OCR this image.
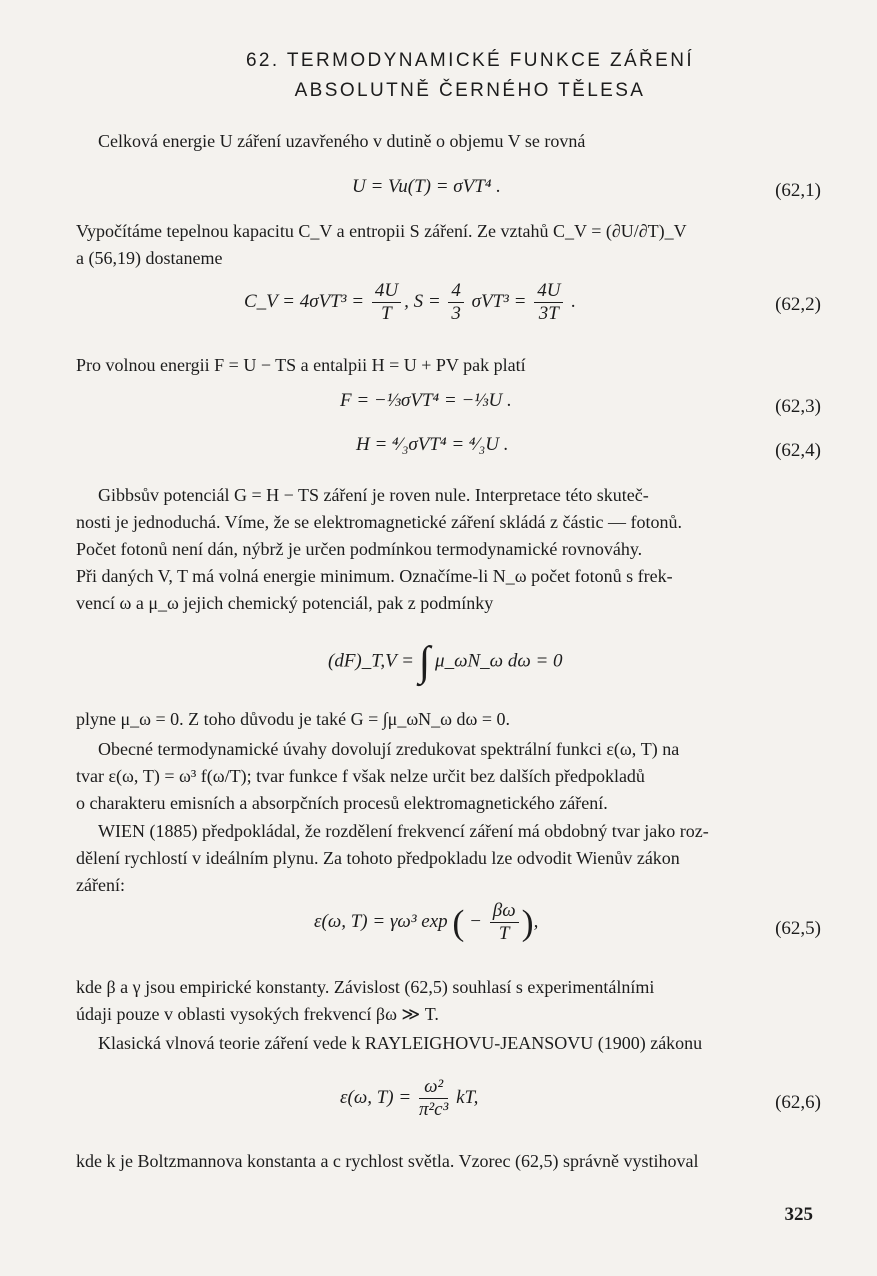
62. TERMODYNAMICKÉ FUNKCE ZÁŘENÍ
ABSOLUTNĚ ČERNÉHO TĚLESA
Celková energie U záření uzavřeného v dutině o objemu V se rovná
U = Vu(T) = σVT⁴ .	(62,1)
Vypočítáme tepelnou kapacitu C_V a entropii S záření. Ze vztahů C_V = (∂U/∂T)_V
a (56,19) dostaneme
C_V = $4\sigma VT^3 = \frac{4U}{T}$ , $S = \frac{4}{3} \sigma VT^3 = \frac{4U}{3T}$ .	(62,2)
Pro volnou energii F = U − TS a entalpii H = U + PV pak platí
F = −⅓σVT⁴ = −⅓U .	(62,3)
H = ⁴⁄₃σVT⁴ = ⁴⁄₃U .	(62,4)
Gibbsův potenciál G = H − TS záření je roven nule. Interpretace této skuteč-
nosti je jednoduchá. Víme, že se elektromagnetické záření skládá z částic — fotonů.
Počet fotonů není dán, nýbrž je určen podmínkou termodynamické rovnováhy.
Při daných V, T má volná energie minimum. Označíme-li N_ω počet fotonů s frek-
vencí ω a μ_ω jejich chemický potenciál, pak z podmínky
(dF)_T,V = ∫ μ_ωN_ω dω = 0
plyne μ_ω = 0. Z toho důvodu je také G = ∫μ_ωN_ω dω = 0.
Obecné termodynamické úvahy dovolují zredukovat spektrální funkci ε(ω, T) na
tvar ε(ω, T) = ω³ f(ω/T); tvar funkce f však nelze určit bez dalších předpokladů
o charakteru emisních a absorpčních procesů elektromagnetického záření.
WIEN (1885) předpokládal, že rozdělení frekvencí záření má obdobný tvar jako roz-
dělení rychlostí v ideálním plynu. Za tohoto předpokladu lze odvodit Wienův zákon
záření:
ε(ω, T) = γω³ exp ( − $\frac{\beta\omega}{T}$ ),	(62,5)
kde β a γ jsou empirické konstanty. Závislost (62,5) souhlasí s experimentálními
údaji pouze v oblasti vysokých frekvencí βω ≫ T.
Klasická vlnová teorie záření vede k RAYLEIGHOVU-JEANSOVU (1900) zákonu
ε(ω, $T) = \frac{\text{ω²}}{\text{π²c³}}$ kT,	(62,6)
kde k je Boltzmannova konstanta a c rychlost světla. Vzorec (62,5) správně vystihoval
325
